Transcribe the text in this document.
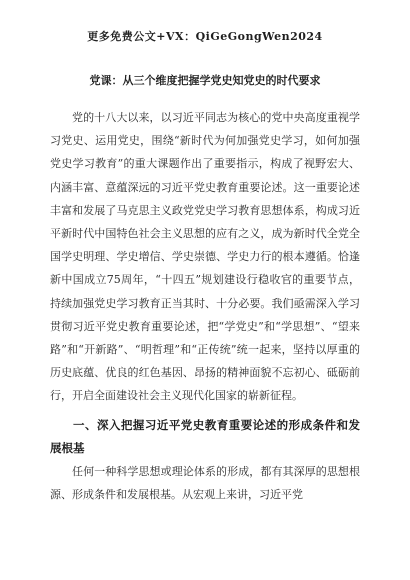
更多免费公文+VX：QiGeGongWen2024
党课：从三个维度把握学党史知党史的时代要求

党的十八大以来，以习近平同志为核心的党中央高度重视学习党史、运用党史，围绕“新时代为何加强党史学习，如何加强党史学习教育”的重大课题作出了重要指示，构成了视野宏大、内涵丰富、意蕴深远的习近平党史教育重要论述。这一重要论述丰富和发展了马克思主义政党党史学习教育思想体系，构成习近平新时代中国特色社会主义思想的应有之义，成为新时代全党全国学史明理、学史增信、学史崇德、学史力行的根本遵循。恰逢新中国成立75周年，“十四五”规划建设行稳收官的重要节点，持续加强党史学习教育正当其时、十分必要。我们亟需深入学习贯彻习近平党史教育重要论述，把“学党史”和“学思想”、“望来路”和“开新路”、“明哲理”和“正传统”统一起来，坚持以厚重的历史底蕴、优良的红色基因、昂扬的精神面貌不忘初心、砥砺前行，开启全面建设社会主义现代化国家的崭新征程。

一、深入把握习近平党史教育重要论述的形成条件和发展根基

任何一种科学思想或理论体系的形成，都有其深厚的思想根源、形成条件和发展根基。从宏观上来讲，习近平党
